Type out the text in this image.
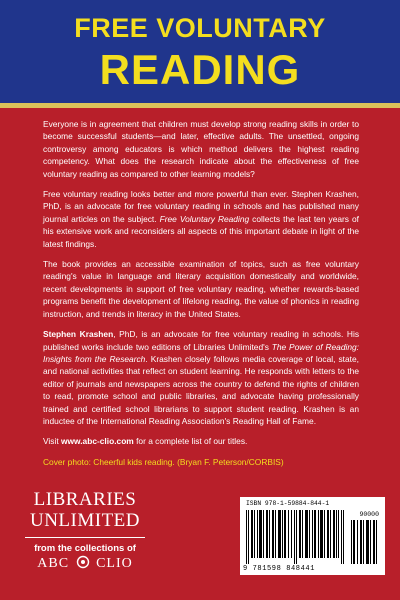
FREE VOLUNTARY
READING

Everyone is in agreement that children must develop strong reading skills in order to become successful students—and later, effective adults. The unsettled, ongoing controversy among educators is which method delivers the highest reading competency. What does the research indicate about the effectiveness of free voluntary reading as compared to other learning models?

Free voluntary reading looks better and more powerful than ever. Stephen Krashen, PhD, is an advocate for free voluntary reading in schools and has published many journal articles on the subject. Free Voluntary Reading collects the last ten years of his extensive work and reconsiders all aspects of this important debate in light of the latest findings.

The book provides an accessible examination of topics, such as free voluntary reading's value in language and literary acquisition domestically and worldwide, recent developments in support of free voluntary reading, whether rewards-based programs benefit the development of lifelong reading, the value of phonics in reading instruction, and trends in literacy in the United States.

Stephen Krashen, PhD, is an advocate for free voluntary reading in schools. His published works include two editions of Libraries Unlimited's The Power of Reading: Insights from the Research. Krashen closely follows media coverage of local, state, and national activities that reflect on student learning. He responds with letters to the editor of journals and newspapers across the country to defend the rights of children to read, promote school and public libraries, and advocate having professionally trained and certified school librarians to support student reading. Krashen is an inductee of the International Reading Association's Reading Hall of Fame.

Visit www.abc-clio.com for a complete list of our titles.

Cover photo: Cheerful kids reading. (Bryan F. Peterson/CORBIS)

LIBRARIES
UNLIMITED
from the collections of
ABC CLIO
ISBN 978-1-59884-844-1
90000
9 781598 848441
